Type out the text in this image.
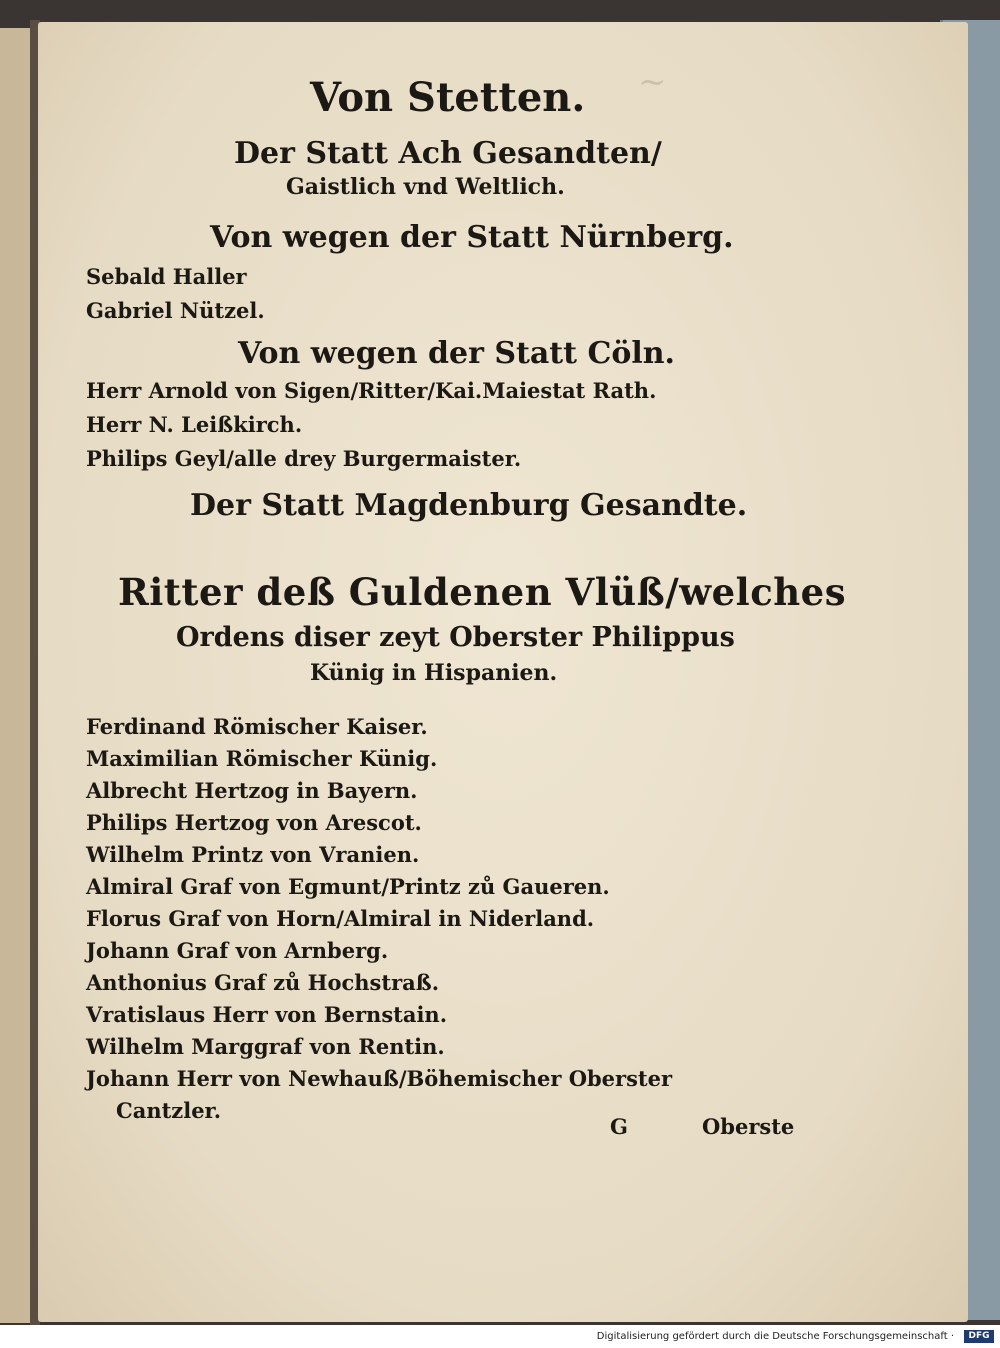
~
Von Stetten.
Der Statt Ach Gesandten/
Gaistlich vnd Weltlich.
Von wegen der Statt Nürnberg.
Sebald Haller
Gabriel Nützel.
Von wegen der Statt Cöln.
Herr Arnold von Sigen/Ritter/Kai.Maiestat Rath.
Herr N. Leißkirch.
Philips Geyl/alle drey Burgermaister.
Der Statt Magdenburg Gesandte.
Ritter deß Guldenen Vlüß/welches
Ordens diser zeyt Oberster Philippus
Künig in Hispanien.
Ferdinand Römischer Kaiser.
Maximilian Römischer Künig.
Albrecht Hertzog in Bayern.
Philips Hertzog von Arescot.
Wilhelm Printz von Vranien.
Almiral Graf von Egmunt/Printz zů Gaueren.
Florus Graf von Horn/Almiral in Niderland.
Johann Graf von Arnberg.
Anthonius Graf zů Hochstraß.
Vratislaus Herr von Bernstain.
Wilhelm Marggraf von Rentin.
Johann Herr von Newhauß/Böhemischer Oberster
Cantzler.
G	Oberste
Digitalisierung gefördert durch die Deutsche Forschungsgemeinschaft ·	DFG
